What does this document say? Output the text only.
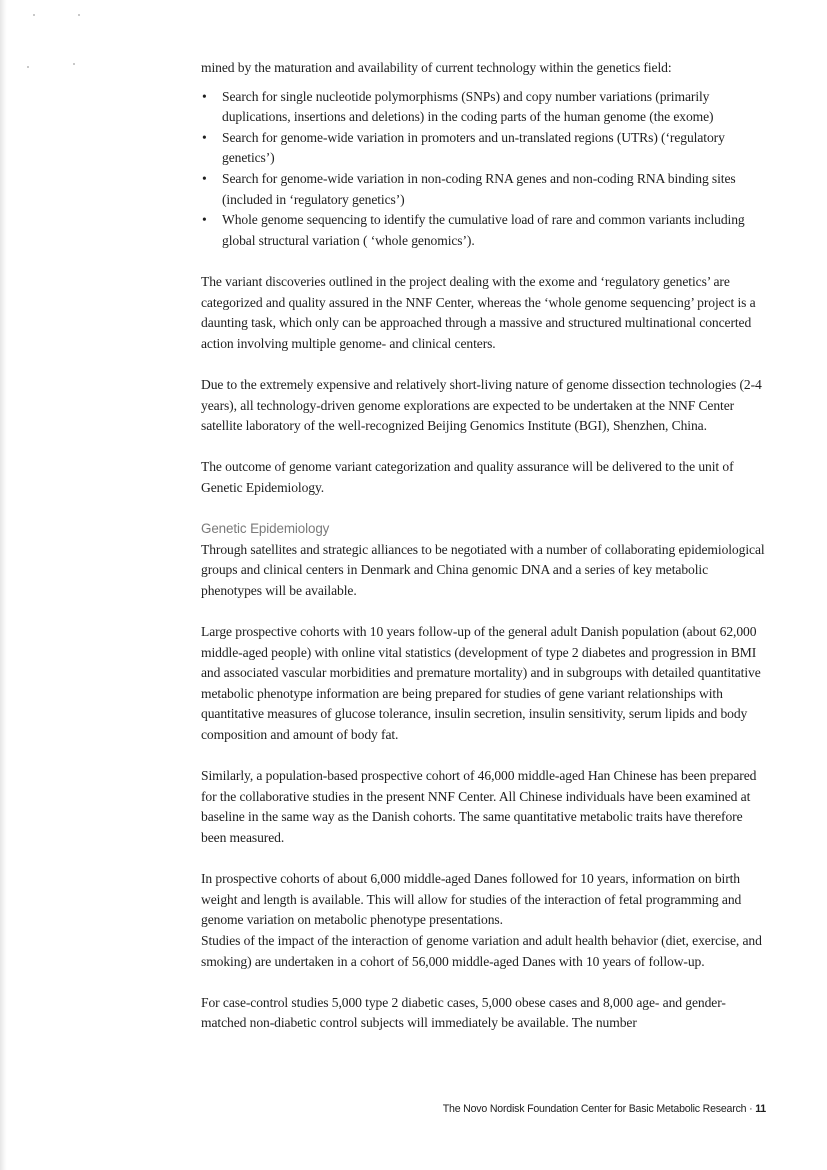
mined by the maturation and availability of current technology within the genetics field:

• Search for single nucleotide polymorphisms (SNPs) and copy number variations (primarily duplications, insertions and deletions) in the coding parts of the human genome (the exome)
• Search for genome-wide variation in promoters and un-translated regions (UTRs) (‘regulatory genetics’)
• Search for genome-wide variation in non-coding RNA genes and non-coding RNA binding sites (included in ‘regulatory genetics’)
• Whole genome sequencing to identify the cumulative load of rare and common variants including global structural variation ( ‘whole genomics’).

The variant discoveries outlined in the project dealing with the exome and ‘regulatory genetics’ are categorized and quality assured in the NNF Center, whereas the ‘whole genome sequencing’ project is a daunting task, which only can be approached through a massive and structured multinational concerted action involving multiple genome- and clinical centers.

Due to the extremely expensive and relatively short-living nature of genome dissection technologies (2-4 years), all technology-driven genome explorations are expected to be undertaken at the NNF Center satellite laboratory of the well-recognized Beijing Genomics Institute (BGI), Shenzhen, China.

The outcome of genome variant categorization and quality assurance will be delivered to the unit of Genetic Epidemiology.

Genetic Epidemiology

Through satellites and strategic alliances to be negotiated with a number of collaborating epidemiological groups and clinical centers in Denmark and China genomic DNA and a series of key metabolic phenotypes will be available.

Large prospective cohorts with 10 years follow-up of the general adult Danish population (about 62,000 middle-aged people) with online vital statistics (development of type 2 diabetes and progression in BMI and associated vascular morbidities and premature mortality) and in subgroups with detailed quantitative metabolic phenotype information are being prepared for studies of gene variant relationships with quantitative measures of glucose tolerance, insulin secretion, insulin sensitivity, serum lipids and body composition and amount of body fat.

Similarly, a population-based prospective cohort of 46,000 middle-aged Han Chinese has been prepared for the collaborative studies in the present NNF Center. All Chinese individuals have been examined at baseline in the same way as the Danish cohorts. The same quantitative metabolic traits have therefore been measured.

In prospective cohorts of about 6,000 middle-aged Danes followed for 10 years, information on birth weight and length is available. This will allow for studies of the interaction of fetal programming and genome variation on metabolic phenotype presentations.

Studies of the impact of the interaction of genome variation and adult health behavior (diet, exercise, and smoking) are undertaken in a cohort of 56,000 middle-aged Danes with 10 years of follow-up.

For case-control studies 5,000 type 2 diabetic cases, 5,000 obese cases and 8,000 age- and gender-matched non-diabetic control subjects will immediately be available. The number

The Novo Nordisk Foundation Center for Basic Metabolic Research · 11
